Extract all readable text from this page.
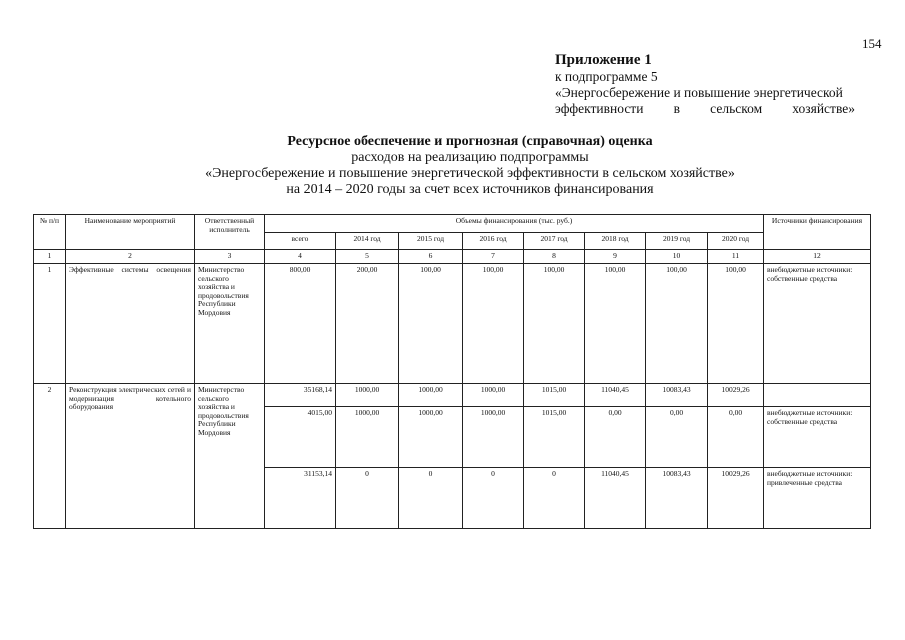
154
Приложение 1
к подпрограмме 5
«Энергосбережение и повышение энергетической
эффективности в сельском хозяйстве»
Ресурсное обеспечение и прогнозная (справочная) оценка
расходов на реализацию подпрограммы
«Энергосбережение и повышение энергетической эффективности в сельском хозяйстве»
на 2014 – 2020 годы за счет всех источников финансирования
№ п/п	Наименование мероприятий	Ответственный исполнитель	Объемы финансирования (тыс. руб.)								Источники финансирования
			всего	2014 год	2015 год	2016 год	2017 год	2018 год	2019 год	2020 год	
1	2	3	4	5	6	7	8	9	10	11	12
1	Эффективные системы освещения	Министерство сельского хозяйства и продовольствия Республики Мордовия	800,00	200,00	100,00	100,00	100,00	100,00	100,00	100,00	внебюджетные источники: собственные средства
2	Реконструкция электрических сетей и модернизация котельного оборудования	Министерство сельского хозяйства и продовольствия Республики Мордовия	35168,14	1000,00	1000,00	1000,00	1015,00	11040,45	10083,43	10029,26	
			4015,00	1000,00	1000,00	1000,00	1015,00	0,00	0,00	0,00	внебюджетные источники: собственные средства
			31153,14	0	0	0	0	11040,45	10083,43	10029,26	внебюджетные источники: привлеченные средства
